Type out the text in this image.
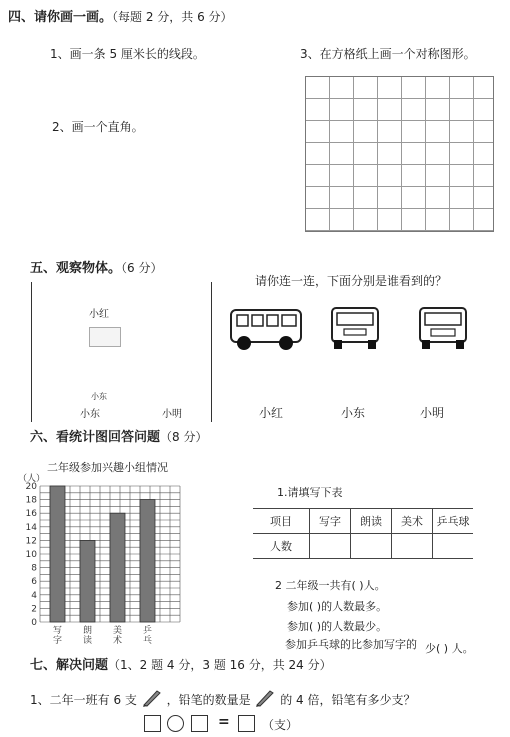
四、请你画一画。（每题 2 分，共 6 分）
1、画一条 5 厘米长的线段。	3、在方格纸上画一个对称图形。
2、画一个直角。
五、观察物体。（6 分）
请你连一连，下面分别是谁看到的？
小红
小东
小东	小明	小红	小东	小明
六、看统计图回答问题（8 分）
二年级参加兴趣小组情况
0
2
4
6
8
10
12
14
16
18
20
写
字
朗
读
美
术
乒
乓
（人）
1.请填写下表
项目	写字	朗读	美术	乒乓球
人数				
2 二年级一共有( )人。
参加( )的人数最多。
参加( )的人数最少。
参加乒乓球的比参加写字的 少( ) 人。
七、解决问题（1、2 题 4 分，3 题 16 分，共 24 分）
1、二年一班有 6 支 ，铅笔的数量是 的 4 倍，铅笔有多少支？
=	（支）
